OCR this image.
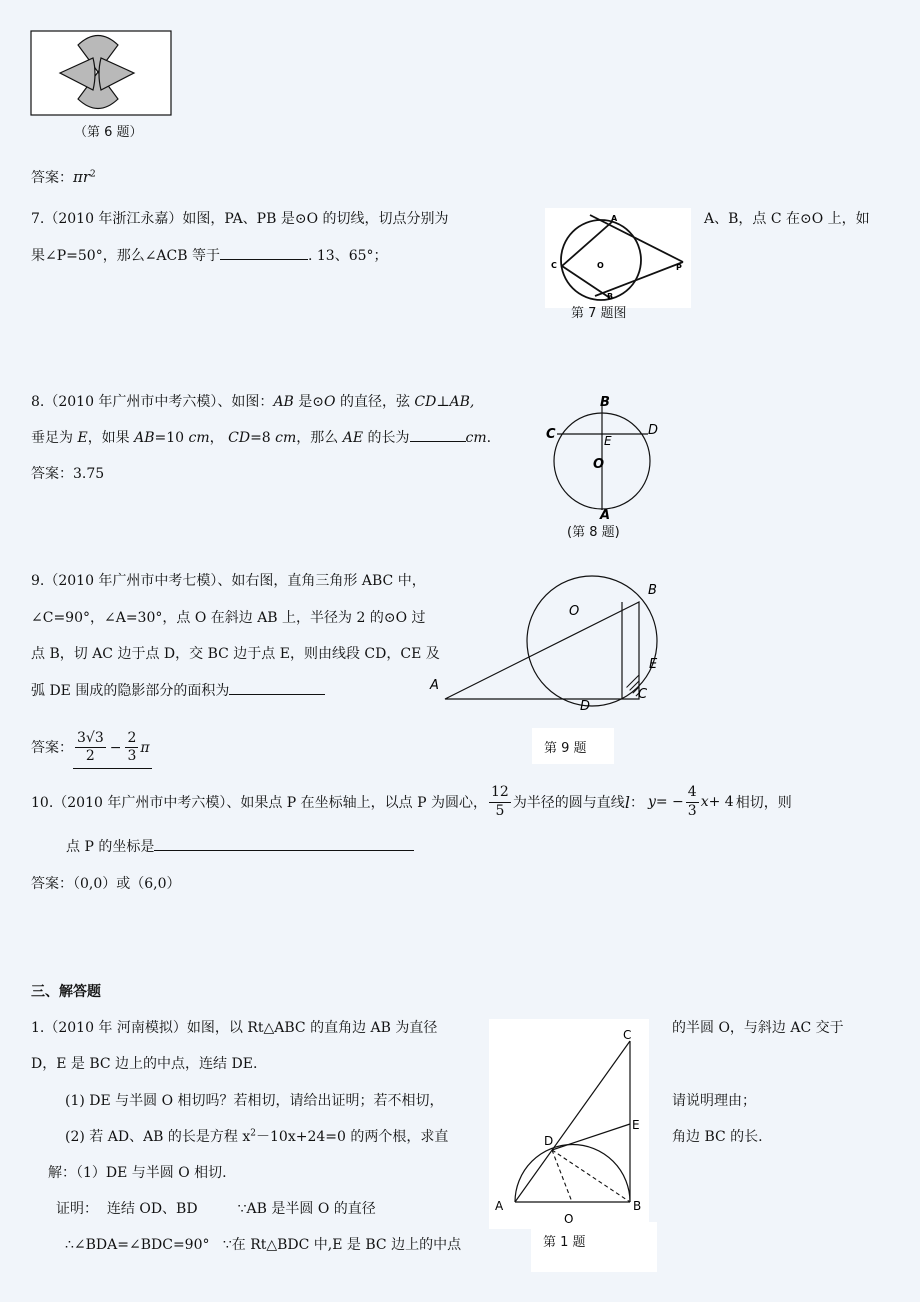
（第 6 题）
答案：$\pi r^2$
7.（2010 年浙江永嘉）如图，PA、PB 是⊙O 的切线，切点分别为	A、B，点 C 在⊙O 上，如
果∠P=50°，那么∠ACB 等于	. 13、65°；
A
C	O	P
B
第 7 题图
8.（2010 年广州市中考六模）、如图：AB 是⊙O 的直径，弦 CD⊥AB,
垂足为 E，如果 AB=10 cm， CD=8 cm，那么 AE 的长为	cm.
答案：3.75
B
C	D
E
O
A
(第 8 题)
9.（2010 年广州市中考七模）、如右图，直角三角形 ABC 中，
∠C=90°，∠A=30°，点 O 在斜边 AB 上，半径为 2 的⊙O 过
点 B，切 AC 边于点 D，交 BC 边于点 E，则由线段 CD，CE 及
弧 DE 围成的隐影部分的面积为
O
B
E
C
A
D
第 9 题
答案： $\frac{3√3}{2} - \frac{2}{3}$ π
10.（2010 年广州市中考六模）、如果点 P 在坐标轴上，以点 P 为圆心， $\frac{12}{5}$ 为半径的圆与直线 l ： y = − $\frac{4}{3}$ x + 4 相切，则
点 P 的坐标是
答案：（0,0）或（6,0）
三、解答题
1.（2010 年 河南模拟）如图，以 Rt△ABC 的直角边 AB 为直径	的半圆 O，与斜边 AC 交于
D，E 是 BC 边上的中点，连结 DE.
(1) DE 与半圆 O 相切吗？若相切，请给出证明；若不相切，	请说明理由；
(2) 若 AD、AB 的长是方程 $x^2-10x+24=0$ 的两个根，求直	角边 BC 的长.
解：（1）DE 与半圆 O 相切.
证明：  连结 OD、BD         ∵AB 是半圆 O 的直径
∴∠BDA=∠BDC=90°   ∵在 Rt△BDC 中,E 是 BC 边上的中点
C
E
D
A	B
O
第 1 题
